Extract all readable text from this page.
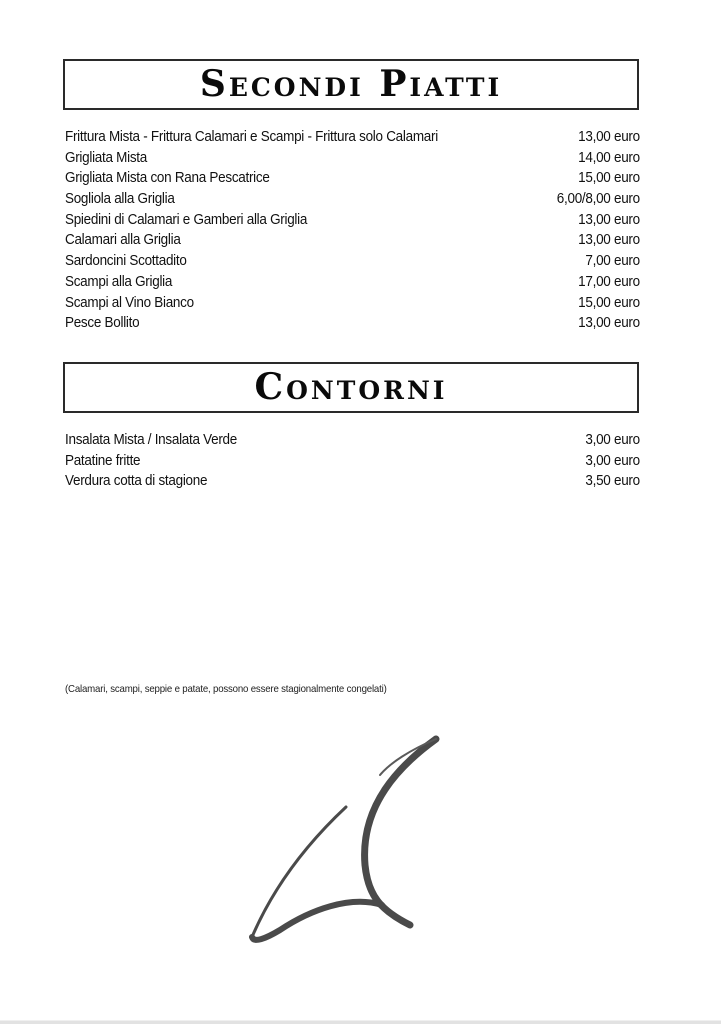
Secondi Piatti
Frittura Mista - Frittura Calamari e Scampi - Frittura solo Calamari	13,00 euro
Grigliata Mista	14,00 euro
Grigliata Mista con Rana Pescatrice	15,00 euro
Sogliola alla Griglia	6,00/8,00 euro
Spiedini di Calamari e Gamberi alla Griglia	13,00 euro
Calamari alla Griglia	13,00 euro
Sardoncini Scottadito	7,00 euro
Scampi alla Griglia	17,00 euro
Scampi al Vino Bianco	15,00 euro
Pesce Bollito	13,00 euro
Contorni
Insalata Mista / Insalata Verde	3,00 euro
Patatine fritte	3,00 euro
Verdura cotta di stagione	3,50 euro
(Calamari, scampi, seppie e patate, possono essere stagionalmente congelati)
